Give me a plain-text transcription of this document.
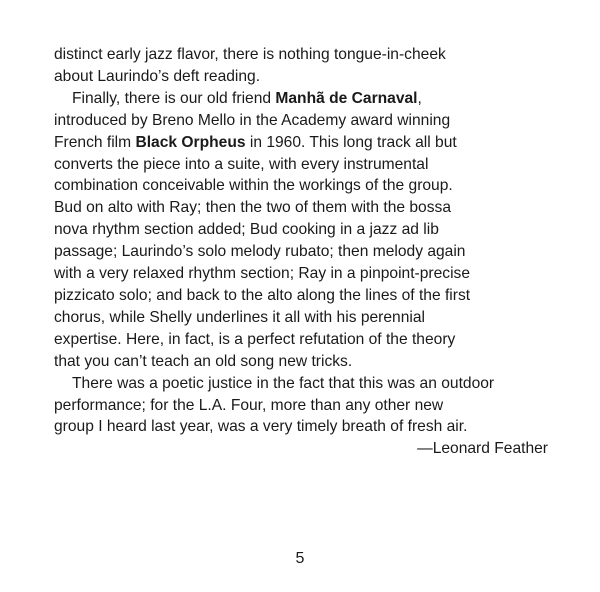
distinct early jazz flavor, there is nothing tongue-in-cheek
about Laurindo’s deft reading.
Finally, there is our old friend Manhã de Carnaval,
introduced by Breno Mello in the Academy award winning
French film Black Orpheus in 1960. This long track all but
converts the piece into a suite, with every instrumental
combination conceivable within the workings of the group.
Bud on alto with Ray; then the two of them with the bossa
nova rhythm section added; Bud cooking in a jazz ad lib
passage; Laurindo’s solo melody rubato; then melody again
with a very relaxed rhythm section; Ray in a pinpoint-precise
pizzicato solo; and back to the alto along the lines of the first
chorus, while Shelly underlines it all with his perennial
expertise. Here, in fact, is a perfect refutation of the theory
that you can’t teach an old song new tricks.
There was a poetic justice in the fact that this was an outdoor
performance; for the L.A. Four, more than any other new
group I heard last year, was a very timely breath of fresh air.
—Leonard Feather
5
